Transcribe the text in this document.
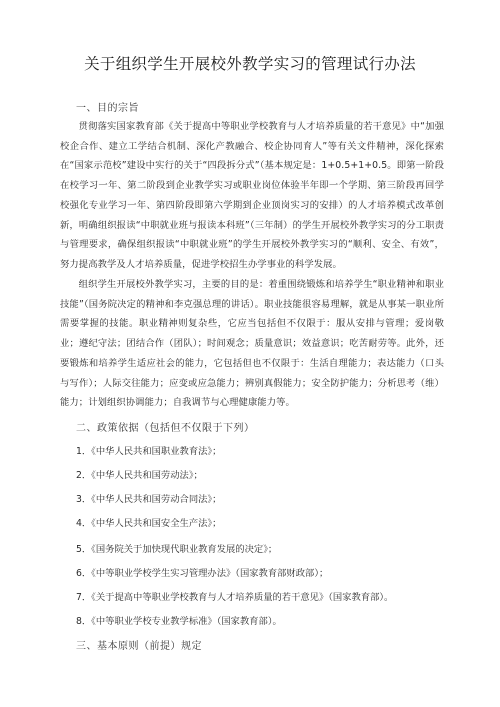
关于组织学生开展校外教学实习的管理试行办法
一、目的宗旨

贯彻落实国家教育部《关于提高中等职业学校教育与人才培养质量的若干意见》中“加强校企合作、建立工学结合机制、深化产教融合、校企协同育人”等有关文件精神，深化探索在“国家示范校”建设中实行的关于“四段拆分式”（基本规定是：1+0.5+1+0.5。即第一阶段在校学习一年、第二阶段到企业教学实习或职业岗位体验半年即一个学期、第三阶段再回学校强化专业学习一年、第四阶段即第六学期到企业顶岗实习的安排）的人才培养模式改革创新，明确组织报读“中职就业班与报读本科班”（三年制）的学生开展校外教学实习的分工职责与管理要求，确保组织报读“中职就业班”的学生开展校外教学实习的“顺利、安全、有效”，努力提高教学及人才培养质量，促进学校招生办学事业的科学发展。

组织学生开展校外教学实习，主要的目的是：着重围绕锻炼和培养学生“职业精神和职业技能”（国务院决定的精神和李克强总理的讲话）。职业技能很容易理解，就是从事某一职业所需要掌握的技能。职业精神则复杂些，它应当包括但不仅限于：服从安排与管理；爱岗敬业；遵纪守法；团结合作（团队）；时间观念；质量意识；效益意识；吃苦耐劳等。此外，还要锻炼和培养学生适应社会的能力，它包括但也不仅限于：生活自理能力；表达能力（口头与写作）；人际交往能力；应变或应急能力；辨别真假能力；安全防护能力；分析思考（维）能力；计划组织协调能力；自我调节与心理健康能力等。

二、政策依据（包括但不仅限于下列）
1．《中华人民共和国职业教育法》；
2．《中华人民共和国劳动法》；
3．《中华人民共和国劳动合同法》；
4．《中华人民共和国安全生产法》；
5．《国务院关于加快现代职业教育发展的决定》；
6．《中等职业学校学生实习管理办法》（国家教育部财政部）；
7．《关于提高中等职业学校教育与人才培养质量的若干意见》（国家教育部）。
8．《中等职业学校专业教学标准》（国家教育部）。
三、基本原则（前提）规定
